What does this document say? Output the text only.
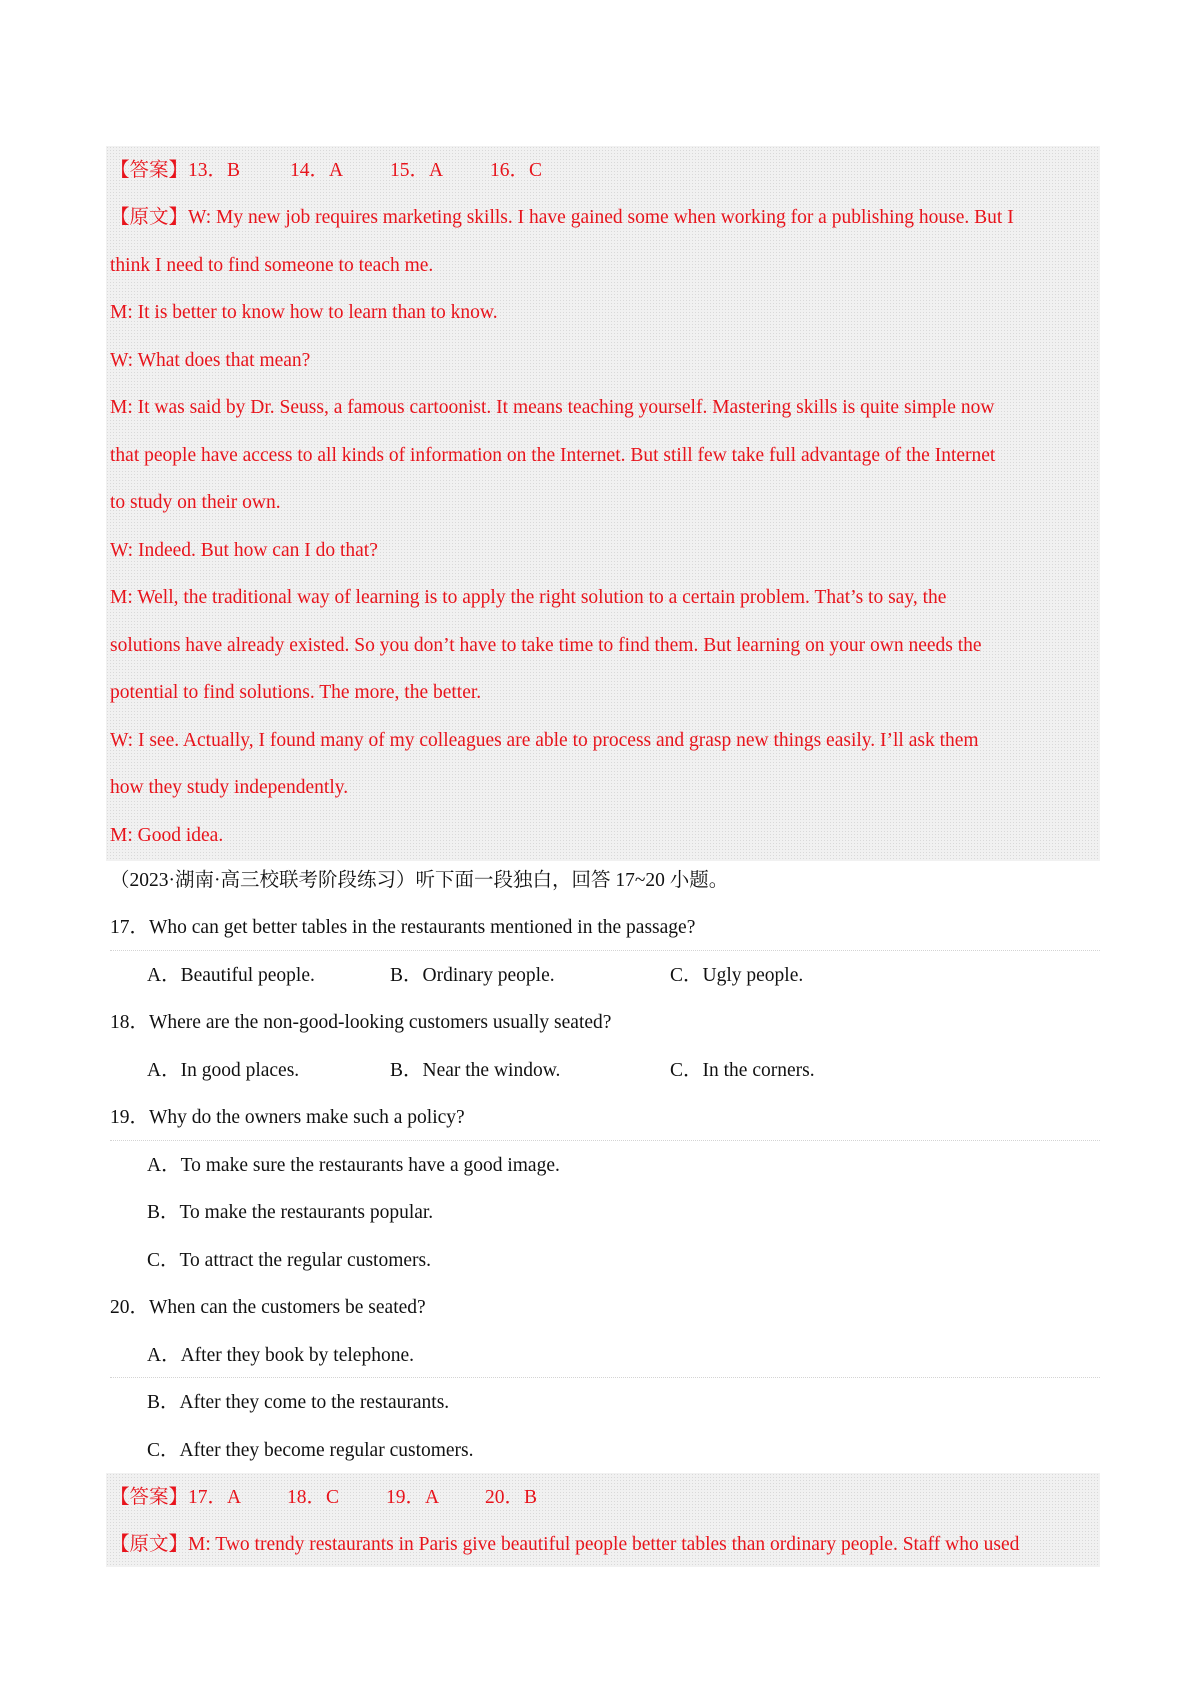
【答案】13．B	14．A 15．A 16．C
【原文】W: My new job requires marketing skills. I have gained some when working for a publishing house. But I
think I need to find someone to teach me.
M: It is better to know how to learn than to know.
W: What does that mean?
M: It was said by Dr. Seuss, a famous cartoonist. It means teaching yourself. Mastering skills is quite simple now
that people have access to all kinds of information on the Internet. But still few take full advantage of the Internet
to study on their own.
W: Indeed. But how can I do that?
M: Well, the traditional way of learning is to apply the right solution to a certain problem. That’s to say, the
solutions have already existed. So you don’t have to take time to find them. But learning on your own needs the
potential to find solutions. The more, the better.
W: I see. Actually, I found many of my colleagues are able to process and grasp new things easily. I’ll ask them
how they study independently.
M: Good idea.
（2023·湖南·高三校联考阶段练习）听下面一段独白，回答 17~20 小题。
17．Who can get better tables in the restaurants mentioned in the passage?
A．Beautiful people.	B．Ordinary people.	C．Ugly people.
18．Where are the non-good-looking customers usually seated?
A．In good places.	B．Near the window.	C．In the corners.
19．Why do the owners make such a policy?
A．To make sure the restaurants have a good image.
B．To make the restaurants popular.
C．To attract the regular customers.
20．When can the customers be seated?
A．After they book by telephone.
B．After they come to the restaurants.
C．After they become regular customers.
【答案】17．A 18．C 19．A 20．B
【原文】M: Two trendy restaurants in Paris give beautiful people better tables than ordinary people. Staff who used
